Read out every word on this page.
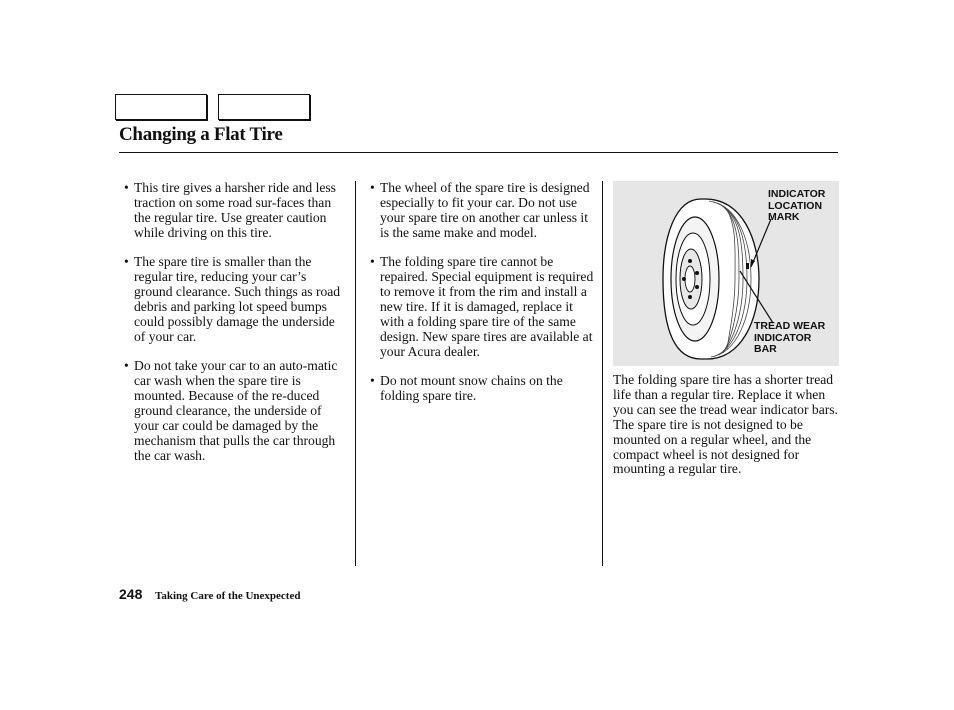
Changing a Flat Tire

• This tire gives a harsher ride and less traction on some road sur-faces than the regular tire. Use greater caution while driving on this tire.

• The spare tire is smaller than the regular tire, reducing your car’s ground clearance. Such things as road debris and parking lot speed bumps could possibly damage the underside of your car.

• Do not take your car to an auto-matic car wash when the spare tire is mounted. Because of the re-duced ground clearance, the underside of your car could be damaged by the mechanism that pulls the car through the car wash.

• The wheel of the spare tire is designed especially to fit your car. Do not use your spare tire on another car unless it is the same make and model.

• The folding spare tire cannot be repaired. Special equipment is required to remove it from the rim and install a new tire. If it is damaged, replace it with a folding spare tire of the same design. New spare tires are available at your Acura dealer.

• Do not mount snow chains on the folding spare tire.

INDICATOR
LOCATION
MARK
TREAD WEAR
INDICATOR
BAR
The folding spare tire has a shorter tread life than a regular tire. Replace it when you can see the tread wear indicator bars. The spare tire is not designed to be mounted on a regular wheel, and the compact wheel is not designed for mounting a regular tire.
248 Taking Care of the Unexpected
